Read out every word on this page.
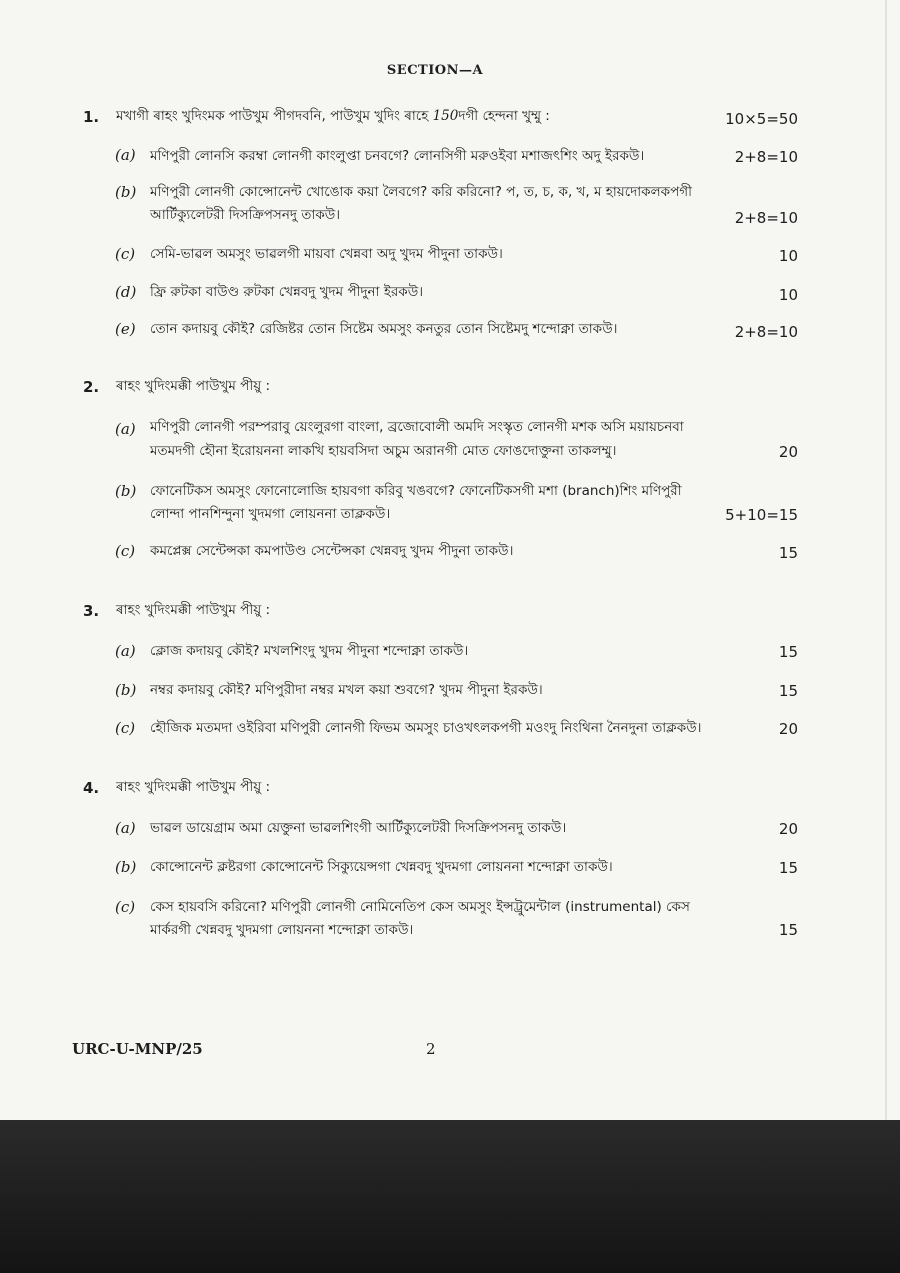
SECTION—A
1. মখাগী ৰাহং খুদিংমক পাউখুম পীগদবনি, পাউখুম খুদিং ৰাহে 150দগী হেন্দনা খুম্মু :	10×5=50
(a) মণিপুরী লোনসি করম্বা লোনগী কাংলুপ্তা চনবগে? লোনসিগী মরুওইবা মশাজৎশিং অদু ইরকউ।	2+8=10
(b) মণিপুরী লোনগী কোন্সোনেন্ট খোঙোক কয়া লৈবগে? করি করিনো? প, ত, চ, ক, খ, ম হায়দোকলকপগী
আর্টিক্যুলেটরী দিসক্রিপসনদু তাকউ।	2+8=10
(c) সেমি-ভাৱল অমসুং ভাৱলগী মায়বা খেন্নবা অদু খুদম পীদুনা তাকউ।	10
(d) ফ্রি রুটকা বাউণ্ড রুটকা খেন্নবদু খুদম পীদুনা ইরকউ।	10
(e) তোন কদায়বু কৌই? রেজিষ্টর তোন সিষ্টেম অমসুং কনতুর তোন সিষ্টেমদু শন্দোক্না তাকউ।	2+8=10
2. ৰাহং খুদিংমক্কী পাউখুম পীয়ু :
(a) মণিপুরী লোনগী পরম্পরাবু য়েংলুরগা বাংলা, ব্রজোবোলী অমদি সংস্কৃত লোনগী মশক অসি ময়ায়চনবা
মতমদগী হৌনা ইরোয়ননা লাকখি হায়বসিদা অচুম অরানগী মোত ফোঙদোক্তুনা তাকলম্মু।	20
(b) ফোনেটিকস অমসুং ফোনোলোজি হায়বগা করিবু খঙবগে? ফোনেটিকসগী মশা (branch)শিং মণিপুরী
লোন্দা পানশিন্দুনা খুদমগা লোয়ননা তাক্লকউ।	5+10=15
(c) কমপ্লেক্স সেন্টেন্সকা কমপাউণ্ড সেন্টেন্সকা খেন্নবদু খুদম পীদুনা তাকউ।	15
3. ৰাহং খুদিংমক্কী পাউখুম পীয়ু :
(a) ক্লোজ কদায়বু কৌই? মখলশিংদু খুদম পীদুনা শন্দোক্না তাকউ।	15
(b) নম্বর কদায়বু কৌই? মণিপুরীদা নম্বর মখল কয়া শুবগে? খুদম পীদুনা ইরকউ।	15
(c) হৌজিক মতমদা ওইরিবা মণিপুরী লোনগী ফিভম অমসুং চাওখৎলকপগী মওংদু নিংথিনা নৈনদুনা তাক্লকউ।	20
4. ৰাহং খুদিংমক্কী পাউখুম পীয়ু :
(a) ভাৱল ডায়েগ্রাম অমা য়েক্তুনা ভাৱলশিংগী আর্টিক্যুলেটরী দিসক্রিপসনদু তাকউ।	20
(b) কোন্সোনেন্ট ক্লষ্টরগা কোন্সোনেন্ট সিক্যুয়েন্সগা খেন্নবদু খুদমগা লোয়ননা শন্দোক্না তাকউ।	15
(c) কেস হায়বসি করিনো? মণিপুরী লোনগী নোমিনেতিপ কেস অমসুং ইন্সট্রুমেন্টাল (instrumental) কেস
মার্করগী খেন্নবদু খুদমগা লোয়ননা শন্দোক্না তাকউ।	15
URC-U-MNP/25	2
